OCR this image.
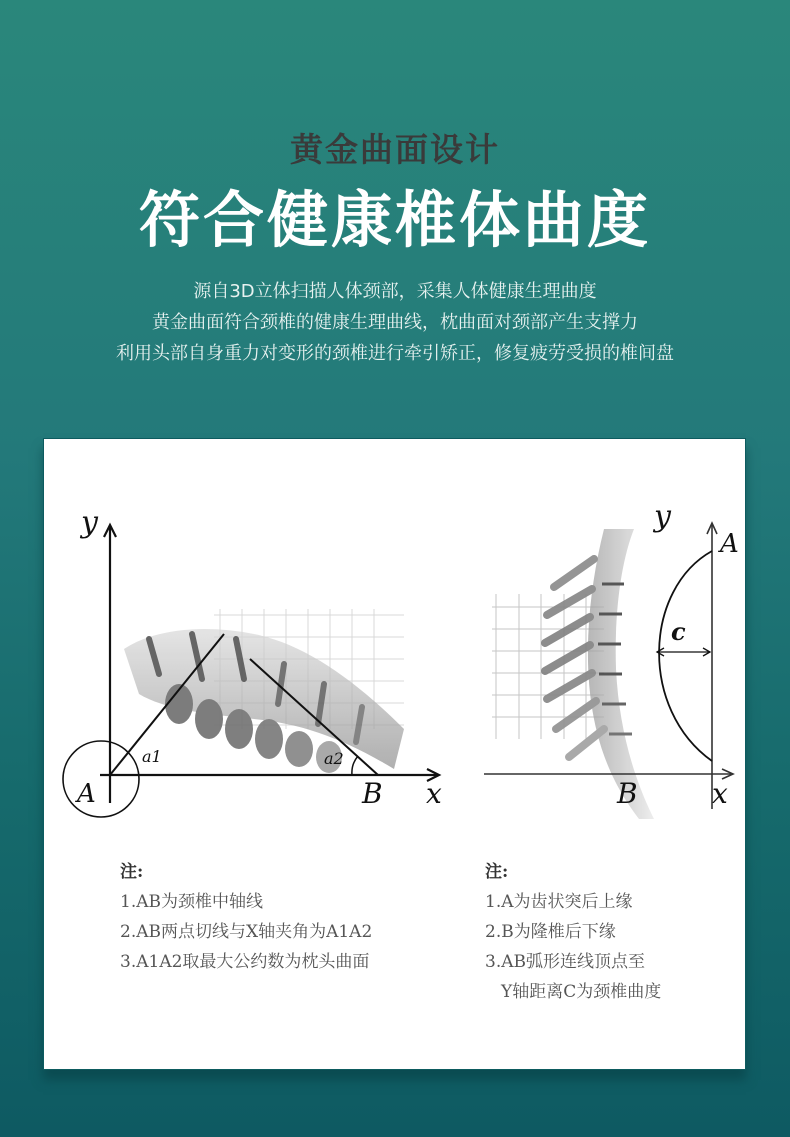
黄金曲面设计
符合健康椎体曲度
源自3D立体扫描人体颈部，采集人体健康生理曲度
黄金曲面符合颈椎的健康生理曲线，枕曲面对颈部产生支撑力
利用头部自身重力对变形的颈椎进行牵引矫正，修复疲劳受损的椎间盘
y
x
A	B
a1	a2
y
x
A
B
c
注:
1.AB为颈椎中轴线
2.AB两点切线与X轴夹角为A1A2
3.A1A2取最大公约数为枕头曲面
注:
1.A为齿状突后上缘
2.B为隆椎后下缘
3.AB弧形连线顶点至
Y轴距离C为颈椎曲度
